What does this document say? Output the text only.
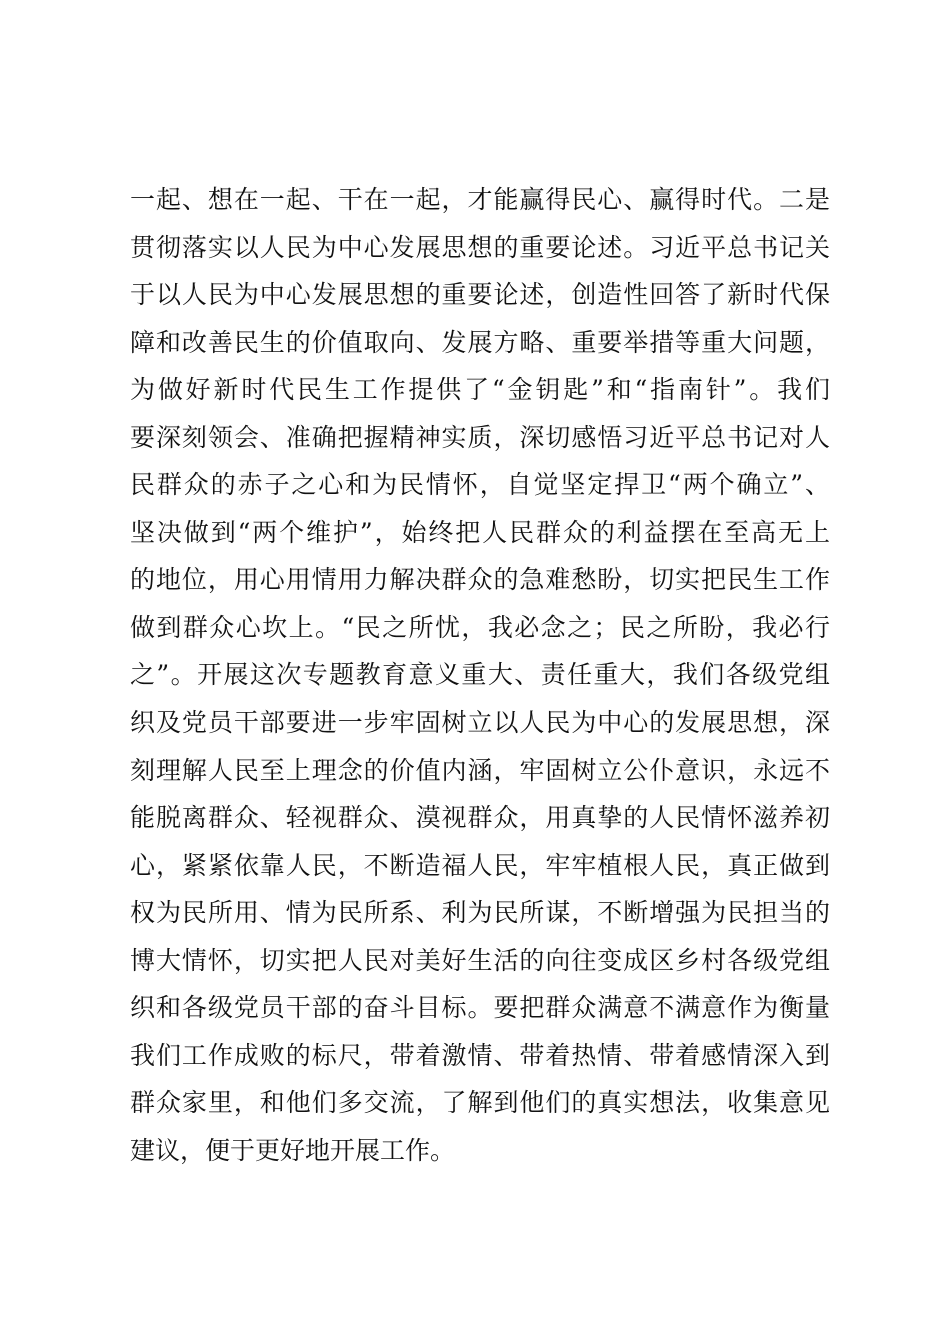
一起、想在一起、干在一起，才能赢得民心、赢得时代。二是
贯彻落实以人民为中心发展思想的重要论述。习近平总书记关
于以人民为中心发展思想的重要论述，创造性回答了新时代保
障和改善民生的价值取向、发展方略、重要举措等重大问题，
为做好新时代民生工作提供了“金钥匙”和“指南针”。我们
要深刻领会、准确把握精神实质，深切感悟习近平总书记对人
民群众的赤子之心和为民情怀，自觉坚定捍卫“两个确立”、
坚决做到“两个维护”，始终把人民群众的利益摆在至高无上
的地位，用心用情用力解决群众的急难愁盼，切实把民生工作
做到群众心坎上。“民之所忧，我必念之；民之所盼，我必行
之”。开展这次专题教育意义重大、责任重大，我们各级党组
织及党员干部要进一步牢固树立以人民为中心的发展思想，深
刻理解人民至上理念的价值内涵，牢固树立公仆意识，永远不
能脱离群众、轻视群众、漠视群众，用真挚的人民情怀滋养初
心，紧紧依靠人民，不断造福人民，牢牢植根人民，真正做到
权为民所用、情为民所系、利为民所谋，不断增强为民担当的
博大情怀，切实把人民对美好生活的向往变成区乡村各级党组
织和各级党员干部的奋斗目标。要把群众满意不满意作为衡量
我们工作成败的标尺，带着激情、带着热情、带着感情深入到
群众家里，和他们多交流，了解到他们的真实想法，收集意见
建议，便于更好地开展工作。
